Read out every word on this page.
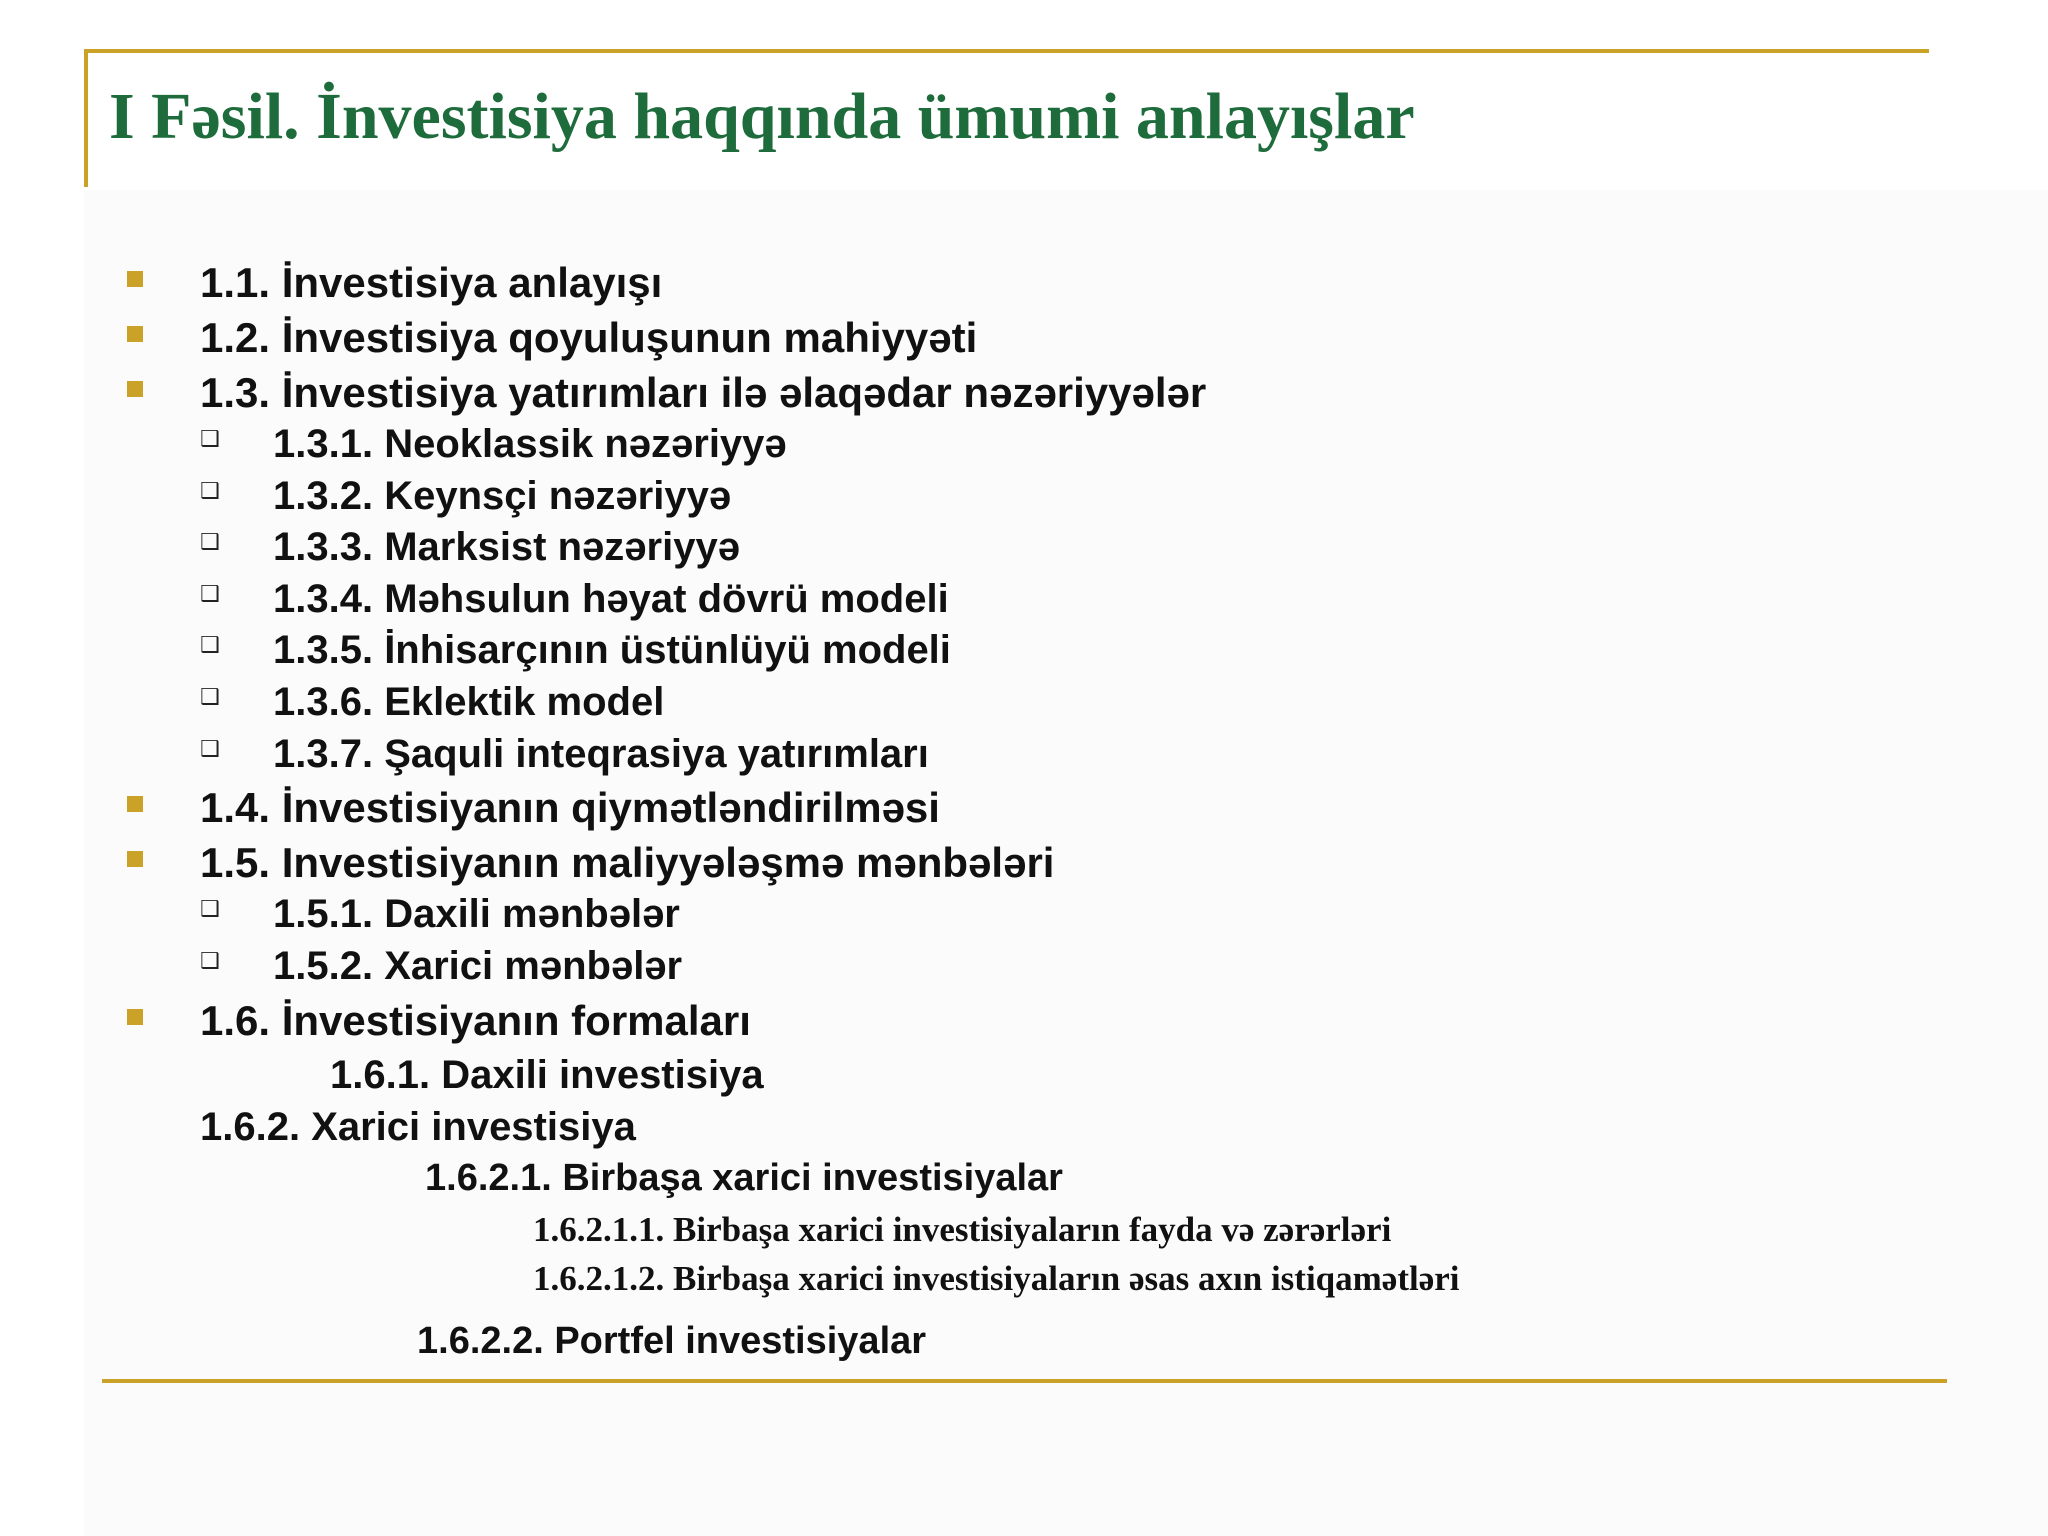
I Fəsil. İnvestisiya haqqında ümumi anlayışlar
1.1. İnvestisiya anlayışı
1.2. İnvestisiya qoyuluşunun mahiyyəti
1.3. İnvestisiya yatırımları ilə əlaqədar nəzəriyyələr
❑ 1.3.1. Neoklassik nəzəriyyə
❑ 1.3.2. Keynsçi nəzəriyyə
❑ 1.3.3. Marksist nəzəriyyə
❑ 1.3.4. Məhsulun həyat dövrü modeli
❑ 1.3.5. İnhisarçının üstünlüyü modeli
❑ 1.3.6. Eklektik model
❑ 1.3.7. Şaquli inteqrasiya yatırımları
1.4. İnvestisiyanın qiymətləndirilməsi
1.5. Investisiyanın maliyyələşmə mənbələri
❑ 1.5.1. Daxili mənbələr
❑ 1.5.2. Xarici mənbələr
1.6. İnvestisiyanın formaları
1.6.1. Daxili investisiya
1.6.2. Xarici investisiya
1.6.2.1. Birbaşa xarici investisiyalar
1.6.2.1.1. Birbaşa xarici investisiyaların fayda və zərərləri
1.6.2.1.2. Birbaşa xarici investisiyaların əsas axın istiqamətləri
1.6.2.2. Portfel investisiyalar
